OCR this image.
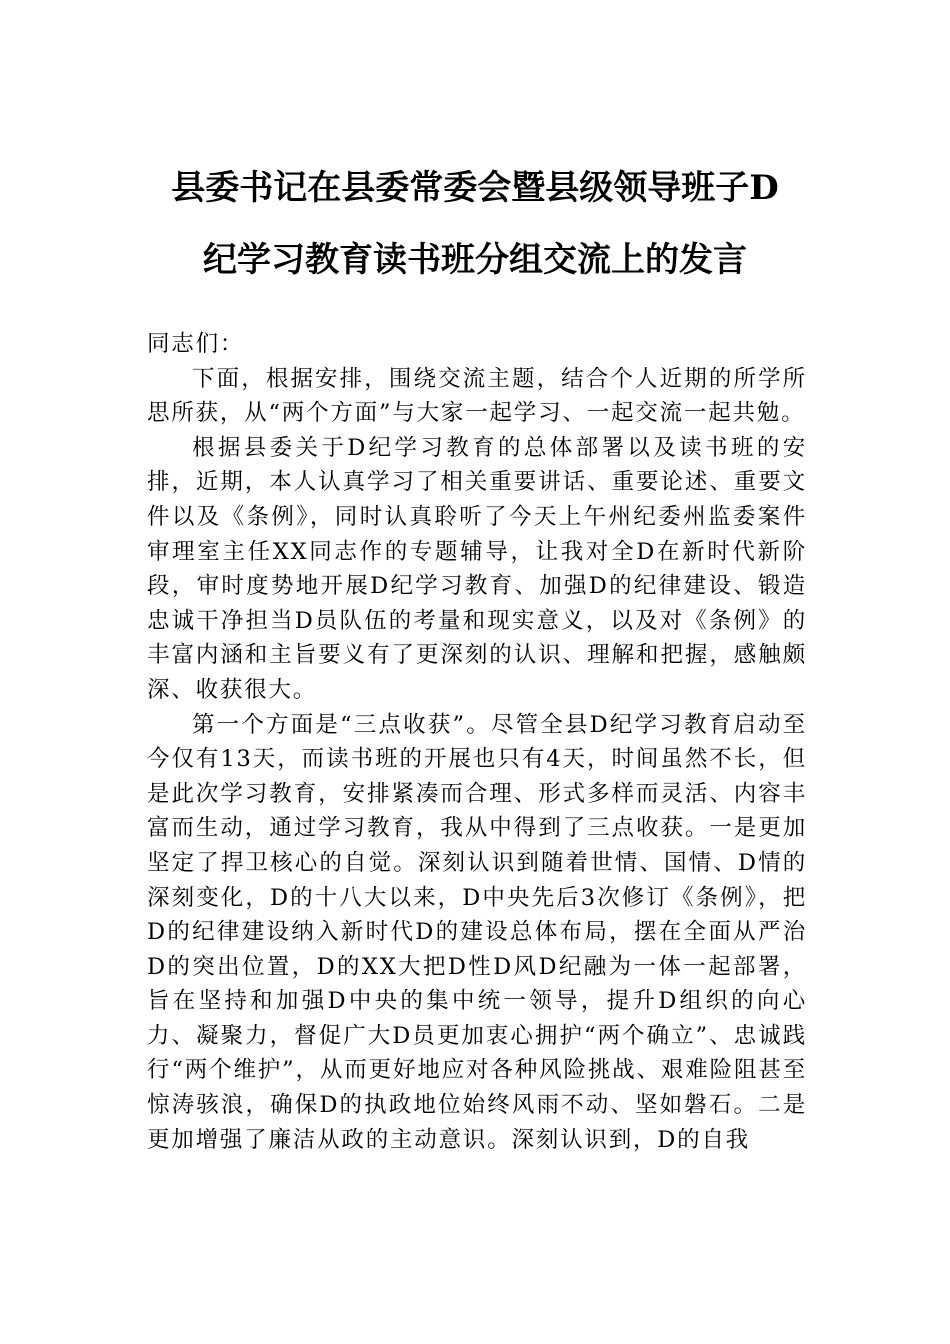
县委书记在县委常委会暨县级领导班子D
纪学习教育读书班分组交流上的发言

同志们：

下面，根据安排，围绕交流主题，结合个人近期的所学所思所获，从“两个方面”与大家一起学习、一起交流一起共勉。

根据县委关于D纪学习教育的总体部署以及读书班的安排，近期，本人认真学习了相关重要讲话、重要论述、重要文件以及《条例》，同时认真聆听了今天上午州纪委州监委案件审理室主任XX同志作的专题辅导，让我对全D在新时代新阶段，审时度势地开展D纪学习教育、加强D的纪律建设、锻造忠诚干净担当D员队伍的考量和现实意义，以及对《条例》的丰富内涵和主旨要义有了更深刻的认识、理解和把握，感触颇深、收获很大。

第一个方面是“三点收获”。尽管全县D纪学习教育启动至今仅有13天，而读书班的开展也只有4天，时间虽然不长，但是此次学习教育，安排紧凑而合理、形式多样而灵活、内容丰富而生动，通过学习教育，我从中得到了三点收获。一是更加坚定了捍卫核心的自觉。深刻认识到随着世情、国情、D情的深刻变化，D的十八大以来，D中央先后3次修订《条例》，把D的纪律建设纳入新时代D的建设总体布局，摆在全面从严治D的突出位置，D的XX大把D性D风D纪融为一体一起部署，旨在坚持和加强D中央的集中统一领导，提升D组织的向心力、凝聚力，督促广大D员更加衷心拥护“两个确立”、忠诚践行“两个维护”，从而更好地应对各种风险挑战、艰难险阻甚至惊涛骇浪，确保D的执政地位始终风雨不动、坚如磐石。二是更加增强了廉洁从政的主动意识。深刻认识到，D的自我
